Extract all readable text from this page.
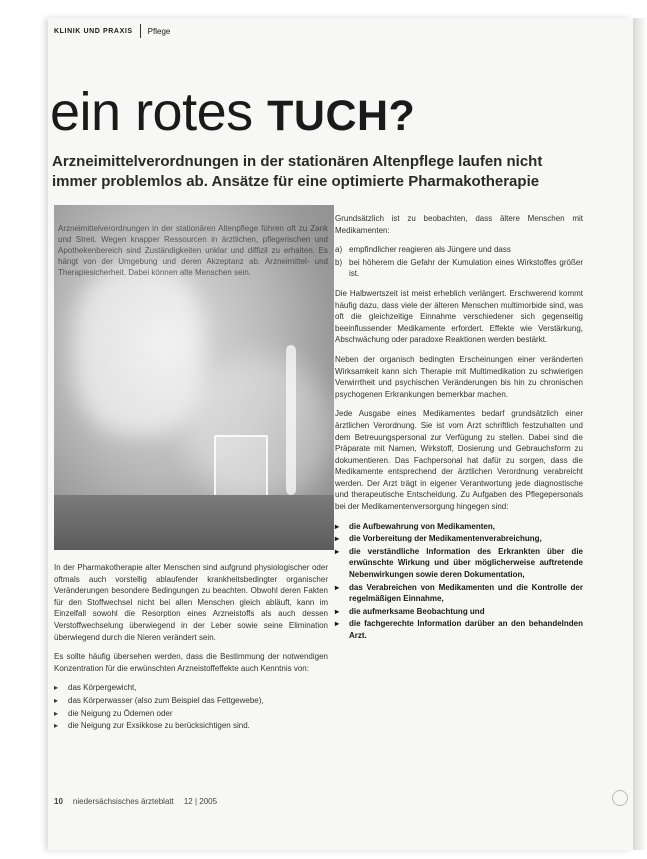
KLINIK UND PRAXIS Pflege
ein rotes TUCH?
Arzneimittelverordnungen in der stationären Altenpflege laufen nicht immer problemlos ab. Ansätze für eine optimierte Pharmakotherapie
Arzneimittelverordnungen in der stationären Altenpflege führen oft zu Zank und Streit. Wegen knapper Ressourcen in ärztlichen, pflegerischen und Apothekenbereich sind Zuständigkeiten unklar und diffizil zu erhalten. Es hängt von der Umgebung und deren Akzeptanz ab. Arzneimittel- und Therapiesicherheit. Dabei können alte Menschen sein.

In der Pharmakotherapie alter Menschen sind aufgrund physiologischer oder oftmals auch vorstellig ablaufender krankheitsbedingter organischer Veränderungen besondere Bedingungen zu beachten. Obwohl deren Fakten für den Stoffwechsel nicht bei allen Menschen gleich abläuft, kann im Einzelfall sowohl die Resorption eines Arzneistoffs als auch dessen Verstoffwechselung überwiegend in der Leber sowie seine Elimination überwiegend durch die Nieren verändert sein.

Es sollte häufig übersehen werden, dass die Bestimmung der notwendigen Konzentration für die erwünschten Arzneistoffeffekte auch Kenntnis von:

▸ das Körpergewicht,
▸ das Körperwasser (also zum Beispiel das Fettgewebe),
▸ die Neigung zu Ödemen oder
▸ die Neigung zur Exsikkose zu berücksichtigen sind.

Grundsätzlich ist zu beobachten, dass ältere Menschen mit Medikamenten:

a) empfindlicher reagieren als Jüngere und dass
b) bei höherem die Gefahr der Kumulation eines Wirkstoffes größer ist.

Die Halbwertszeit ist meist erheblich verlängert. Erschwerend kommt häufig dazu, dass viele der älteren Menschen multimorbide sind, was oft die gleichzeitige Einnahme verschiedener sich gegenseitig beeinflussender Medikamente erfordert. Effekte wie Verstärkung, Abschwächung oder paradoxe Reaktionen werden bestärkt.

Neben der organisch bedingten Erscheinungen einer veränderten Wirksamkeit kann sich Therapie mit Multimedikation zu schwierigen Verwirrtheit und psychischen Veränderungen bis hin zu chronischen psychogenen Erkrankungen bemerkbar machen.

Jede Ausgabe eines Medikamentes bedarf grundsätzlich einer ärztlichen Verordnung. Sie ist vom Arzt schriftlich festzuhalten und dem Betreuungspersonal zur Verfügung zu stellen. Dabei sind die Präparate mit Namen, Wirkstoff, Dosierung und Gebrauchsform zu dokumentieren. Das Fachpersonal hat dafür zu sorgen, dass die Medikamente entsprechend der ärztlichen Verordnung verabreicht werden. Der Arzt trägt in eigener Verantwortung jede diagnostische und therapeutische Entscheidung. Zu Aufgaben des Pflegepersonals bei der Medikamentenversorgung hingegen sind:

▸ die Aufbewahrung von Medikamenten,
▸ die Vorbereitung der Medikamentenverabreichung,
▸ die verständliche Information des Erkrankten über die erwünschte Wirkung und über möglicherweise auftretende Nebenwirkungen sowie deren Dokumentation,
▸ das Verabreichen von Medikamenten und die Kontrolle der regelmäßigen Einnahme,
▸ die aufmerksame Beobachtung und
▸ die fachgerechte Information darüber an den behandelnden Arzt.
10 niedersächsisches ärzteblatt 12 | 2005
